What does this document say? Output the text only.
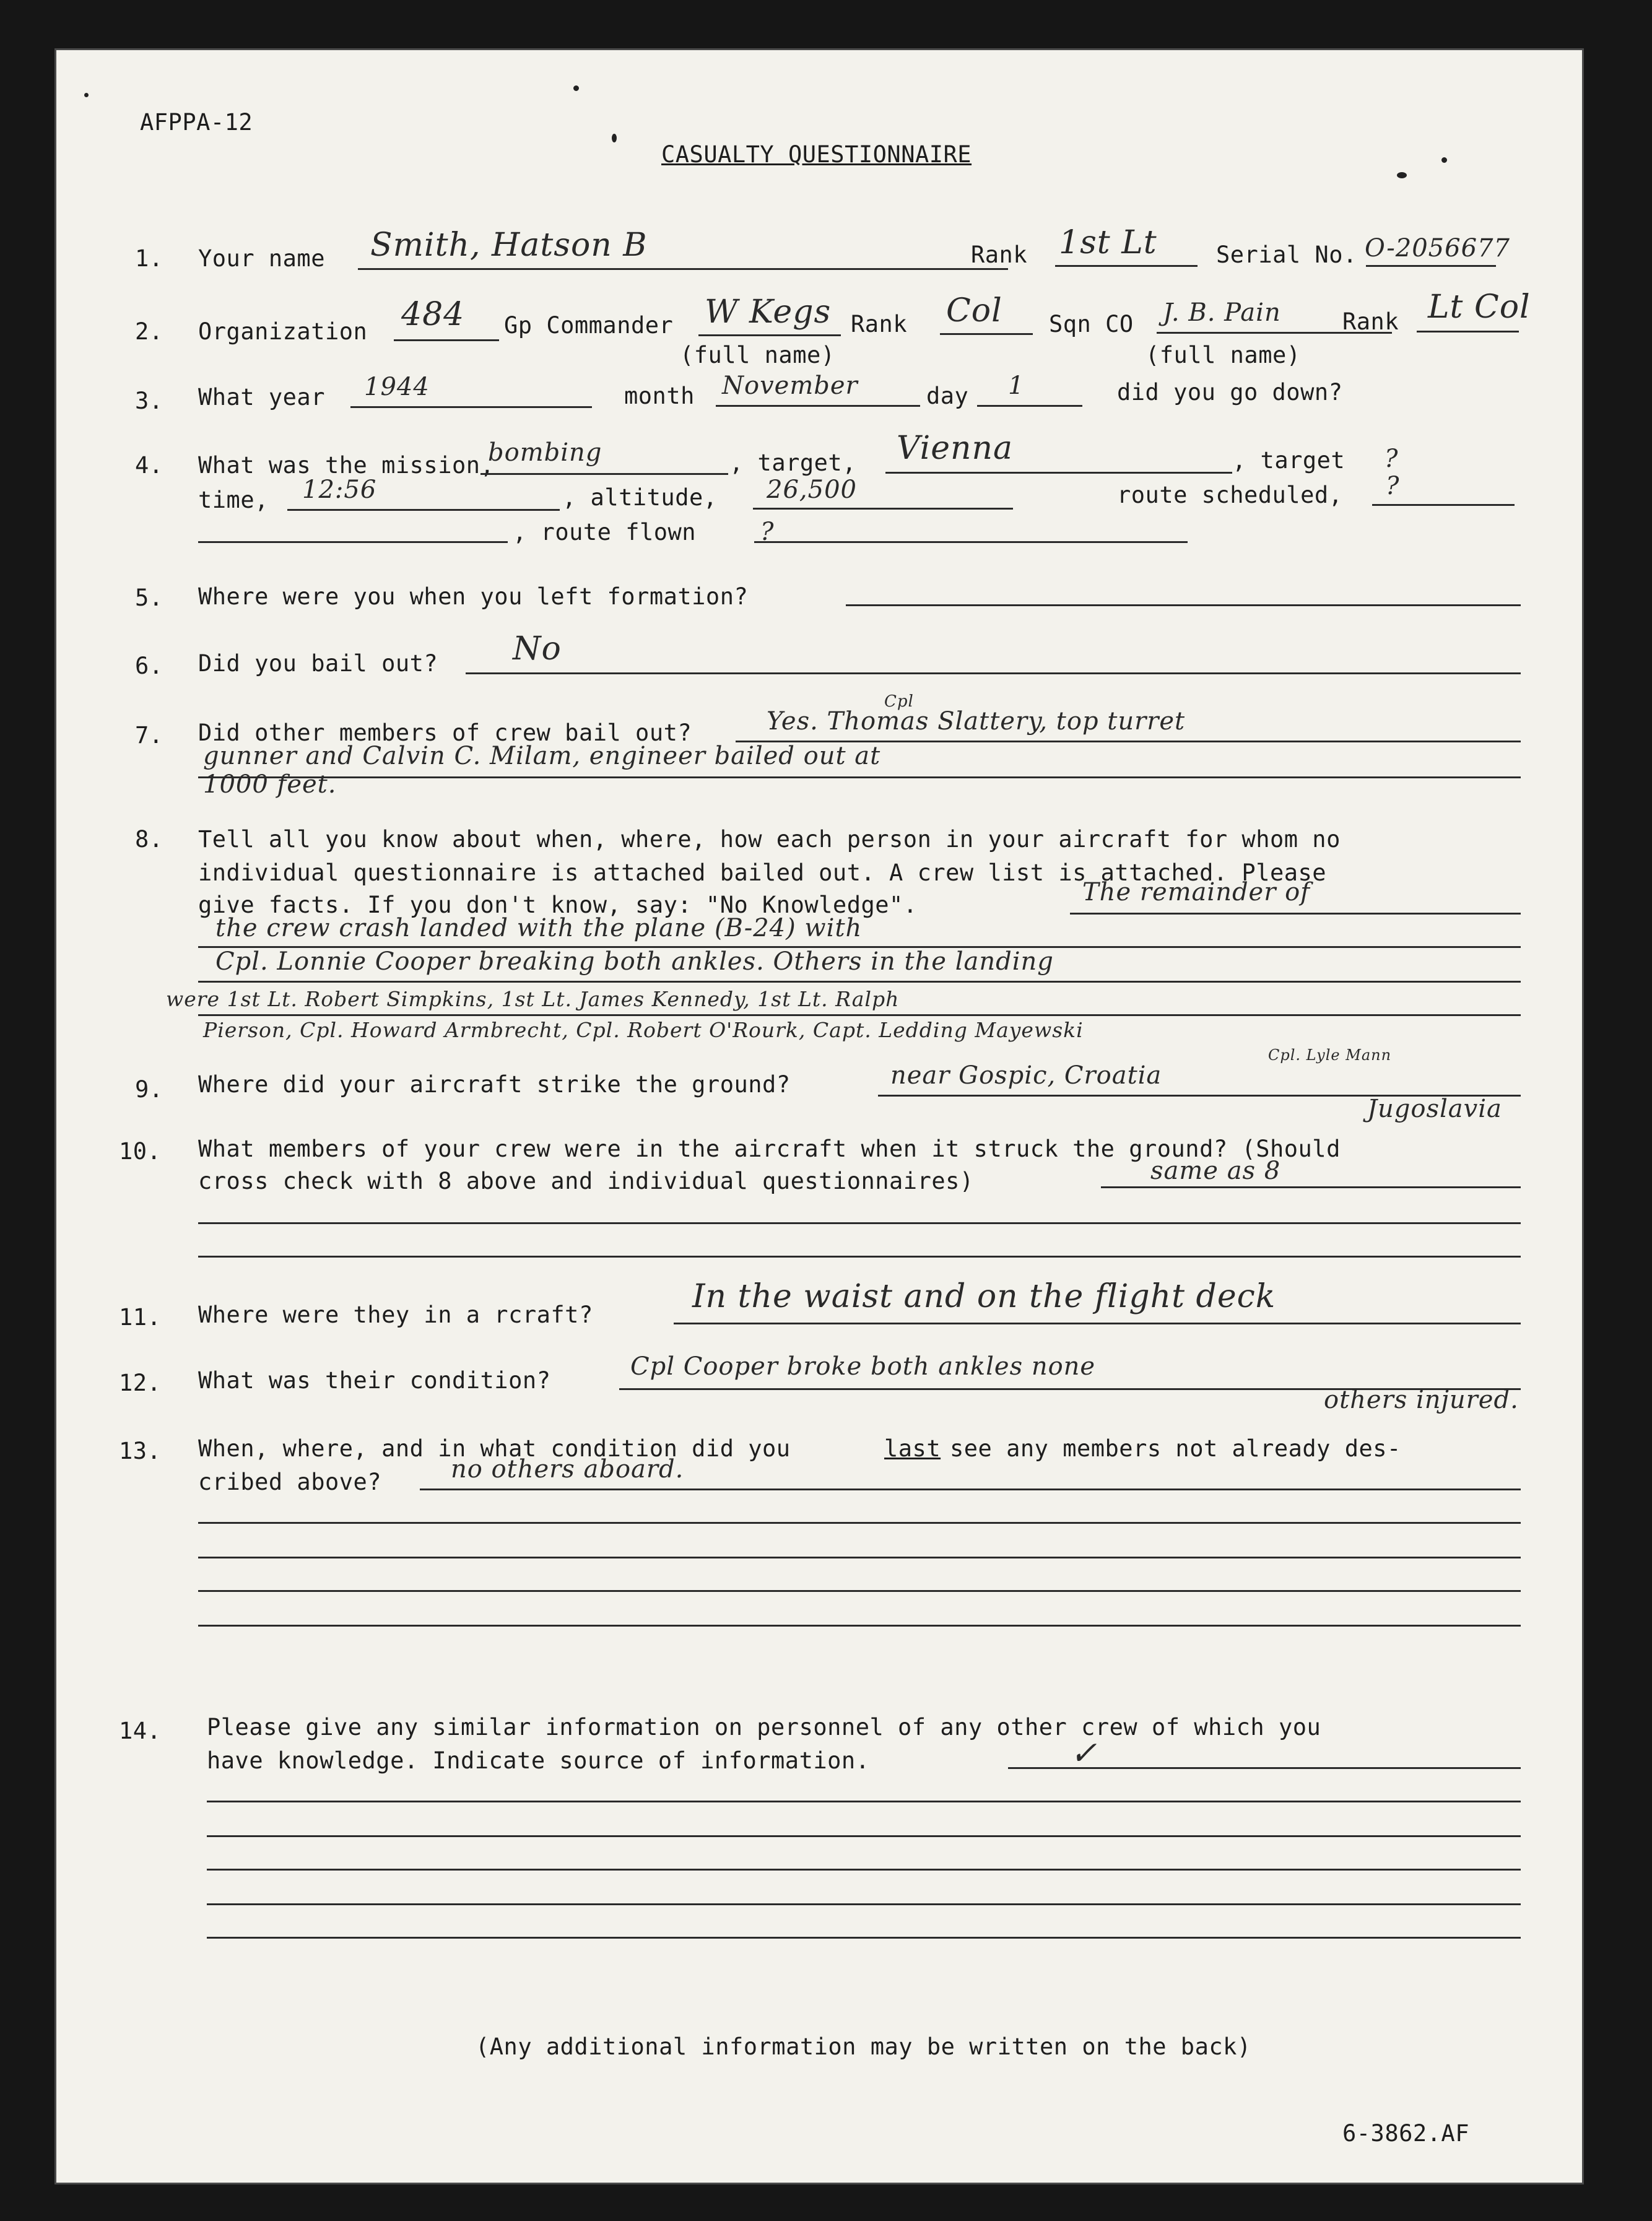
AFPPA-12
CASUALTY QUESTIONNAIRE
1. Your name Smith, Hatson B	Rank 1st Lt	Serial No. O-2056677
2. Organization 484 Gp Commander W Kegs
(full name)
Rank Col Sqn CO J. B. Pain
(full name)
Rank Lt Col
3. What year 1944	month November	day 1	did you go down?
4. What was the mission,
bombing	, target, Vienna	, target ?
time, 12:56	, altitude, 26,500	route scheduled, ?
, route flown	?
5. Where were you when you left formation?
6. Did you bail out? No
7. Did other members of crew bail out?
Cpl
Yes. Thomas Slattery, top turret
gunner and Calvin C. Milam, engineer bailed out at
1000 feet.
8. Tell all you know about when, where, how each person in your aircraft for whom no
individual questionnaire is attached bailed out. A crew list is attached. Please
give facts. If you don't know, say: "No Knowledge".	The remainder of
the crew crash landed with the plane (B-24) with
Cpl. Lonnie Cooper breaking both ankles. Others in the landing
were 1st Lt. Robert Simpkins, 1st Lt. James Kennedy, 1st Lt. Ralph
Pierson, Cpl. Howard Armbrecht, Cpl. Robert O'Rourk, Capt. Ledding Mayewski
Cpl. Lyle Mann
9. Where did your aircraft strike the ground?	near Gospic, Croatia
Jugoslavia
10. What members of your crew were in the aircraft when it struck the ground? (Should
cross check with 8 above and individual questionnaires)	same as 8
11. Where were they in a rcraft?	In the waist and on the flight deck
12. What was their condition?	Cpl Cooper broke both ankles none
others injured.
13. When, where, and in what condition did you	last see any members not already des-
cribed above?	no others aboard.
14. Please give any similar information on personnel of any other crew of which you
have knowledge. Indicate source of information.	✓
(Any additional information may be written on the back)
6-3862.AF
